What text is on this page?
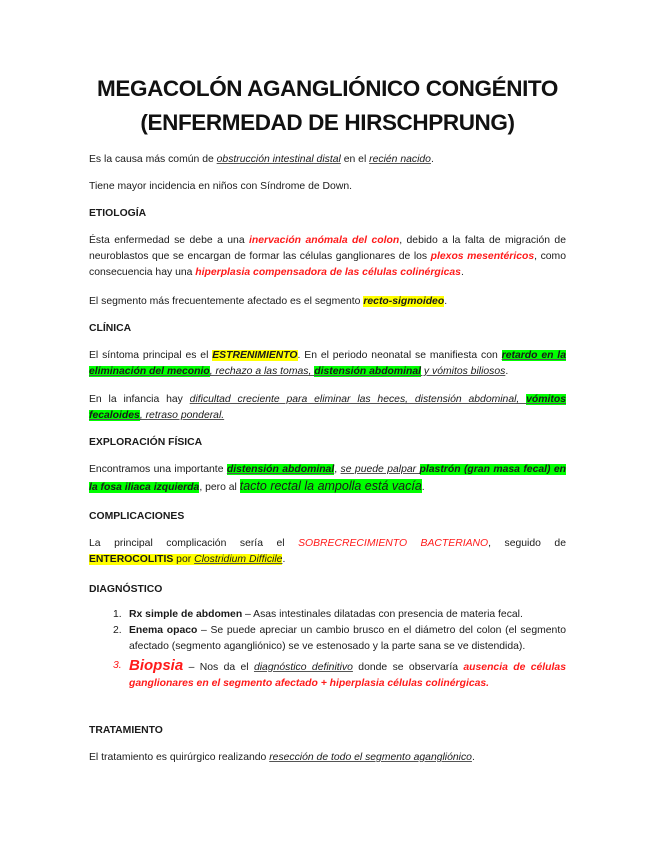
MEGACOLÓN AGANGLIÓNICO CONGÉNITO
(ENFERMEDAD DE HIRSCHPRUNG)
Es la causa más común de obstrucción intestinal distal en el recién nacido.
Tiene mayor incidencia en niños con Síndrome de Down.
ETIOLOGÍA
Ésta enfermedad se debe a una inervación anómala del colon, debido a la falta de migración de neuroblastos que se encargan de formar las células ganglionares de los plexos mesentéricos, como consecuencia hay una hiperplasia compensadora de las células colinérgicas.
El segmento más frecuentemente afectado es el segmento recto-sigmoideo.
CLÍNICA
El síntoma principal es el ESTRENIMIENTO. En el periodo neonatal se manifiesta con retardo en la eliminación del meconio, rechazo a las tomas, distensión abdominal y vómitos biliosos.
En la infancia hay dificultad creciente para eliminar las heces, distensión abdominal, vómitos fecaloides, retraso ponderal.
EXPLORACIÓN FÍSICA
Encontramos una importante distensión abdominal, se puede palpar plastrón (gran masa fecal) en la fosa iliaca izquierda, pero al tacto rectal la ampolla está vacía.
COMPLICACIONES
La principal complicación sería el SOBRECRECIMIENTO BACTERIANO, seguido de ENTEROCOLITIS por Clostridium Difficile.
DIAGNÓSTICO
1. Rx simple de abdomen – Asas intestinales dilatadas con presencia de materia fecal.
2. Enema opaco – Se puede apreciar un cambio brusco en el diámetro del colon (el segmento afectado (segmento agangliónico) se ve estenosado y la parte sana se ve distendida).
3. Biopsia – Nos da el diagnóstico definitivo donde se observaría ausencia de células ganglionares en el segmento afectado + hiperplasia células colinérgicas.
TRATAMIENTO
El tratamiento es quirúrgico realizando resección de todo el segmento agangliónico.
